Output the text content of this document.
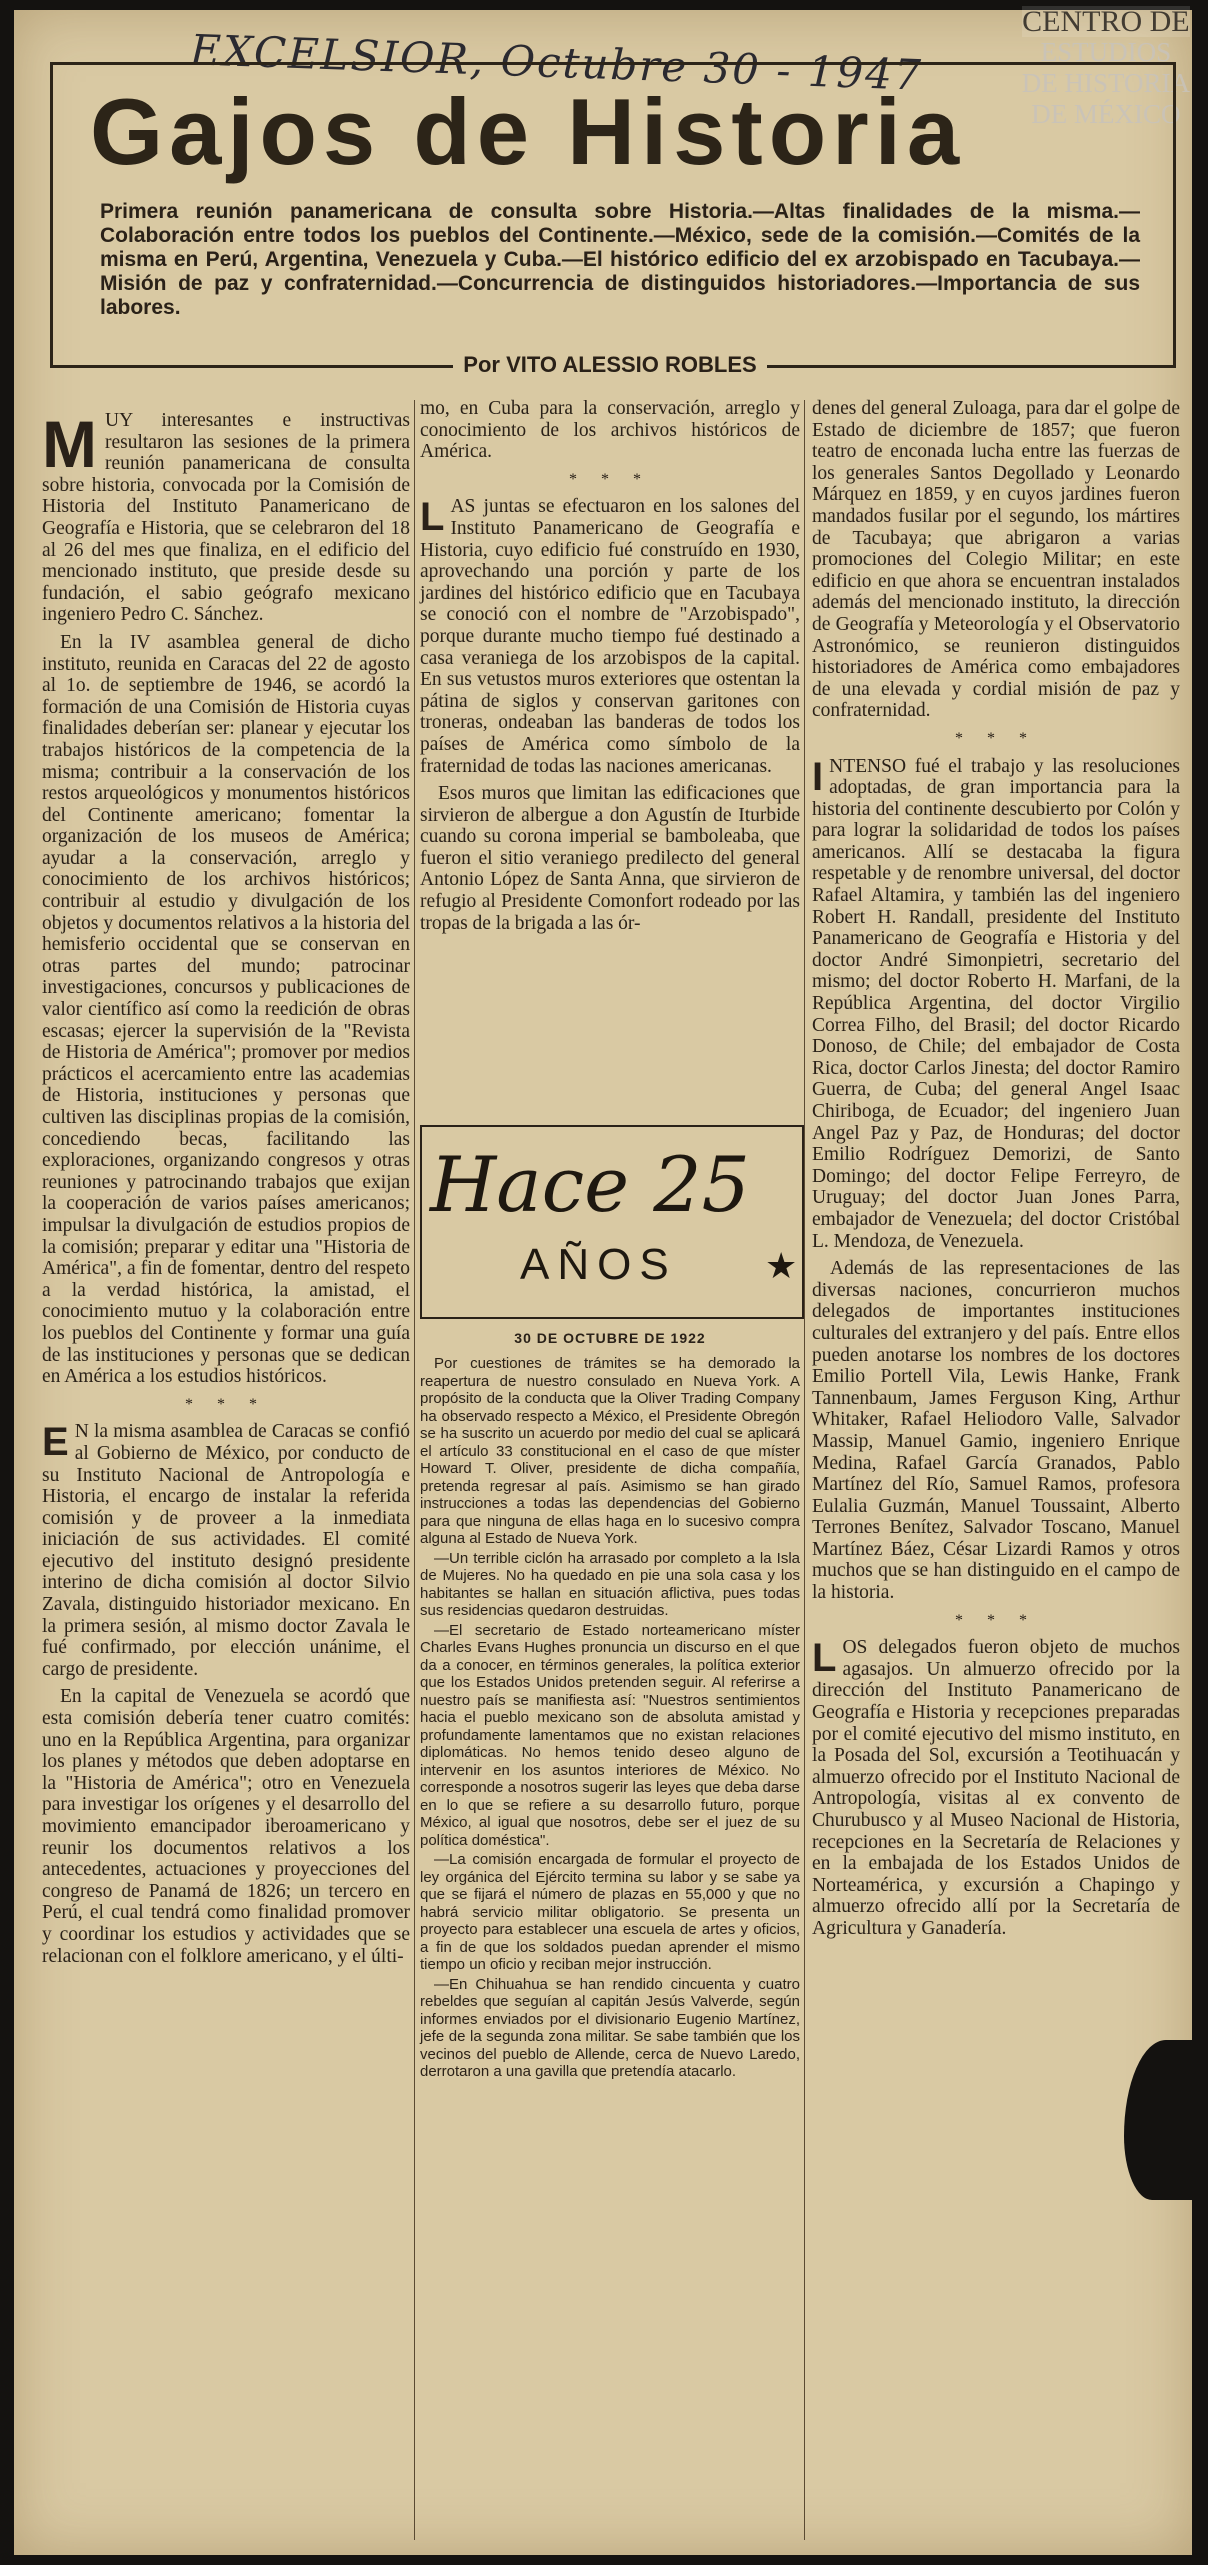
CENTRO DE
ESTUDIOS
DE HISTORIA
DE MÉXICO
EXCELSIOR, Octubre 30 - 1947
Gajos de Historia
Primera reunión panamericana de consulta sobre Historia.—Altas finalidades de la misma.—Colaboración entre todos los pueblos del Continente.—México, sede de la comisión.—Comités de la misma en Perú, Argentina, Venezuela y Cuba.—El histórico edificio del ex arzobispado en Tacubaya.—Misión de paz y confraternidad.—Concurrencia de distinguidos historiadores.—Importancia de sus labores.
Por VITO ALESSIO ROBLES

MUY interesantes e instructivas resultaron las sesiones de la primera reunión panamericana de consulta sobre historia, convocada por la Comisión de Historia del Instituto Panamericano de Geografía e Historia, que se celebraron del 18 al 26 del mes que finaliza, en el edificio del mencionado instituto, que preside desde su fundación, el sabio geógrafo mexicano ingeniero Pedro C. Sánchez.

En la IV asamblea general de dicho instituto, reunida en Caracas del 22 de agosto al 1o. de septiembre de 1946, se acordó la formación de una Comisión de Historia cuyas finalidades deberían ser: planear y ejecutar los trabajos históricos de la competencia de la misma; contribuir a la conservación de los restos arqueológicos y monumentos históricos del Continente americano; fomentar la organización de los museos de América; ayudar a la conservación, arreglo y conocimiento de los archivos históricos; contribuir al estudio y divulgación de los objetos y documentos relativos a la historia del hemisferio occidental que se conservan en otras partes del mundo; patrocinar investigaciones, concursos y publicaciones de valor científico así como la reedición de obras escasas; ejercer la supervisión de la "Revista de Historia de América"; promover por medios prácticos el acercamiento entre las academias de Historia, instituciones y personas que cultiven las disciplinas propias de la comisión, concediendo becas, facilitando las exploraciones, organizando congresos y otras reuniones y patrocinando trabajos que exijan la cooperación de varios países americanos; impulsar la divulgación de estudios propios de la comisión; preparar y editar una "Historia de América", a fin de fomentar, dentro del respeto a la verdad histórica, la amistad, el conocimiento mutuo y la colaboración entre los pueblos del Continente y formar una guía de las instituciones y personas que se dedican en América a los estudios históricos.

* * *

E N la misma asamblea de Caracas se confió al Gobierno de México, por conducto de su Instituto Nacional de Antropología e Historia, el encargo de instalar la referida comisión y de proveer a la inmediata iniciación de sus actividades. El comité ejecutivo del instituto designó presidente interino de dicha comisión al doctor Silvio Zavala, distinguido historiador mexicano. En la primera sesión, al mismo doctor Zavala le fué confirmado, por elección unánime, el cargo de presidente.

En la capital de Venezuela se acordó que esta comisión debería tener cuatro comités: uno en la República Argentina, para organizar los planes y métodos que deben adoptarse en la "Historia de América"; otro en Venezuela para investigar los orígenes y el desarrollo del movimiento emancipador iberoamericano y reunir los documentos relativos a los antecedentes, actuaciones y proyecciones del congreso de Panamá de 1826; un tercero en Perú, el cual tendrá como finalidad promover y coordinar los estudios y actividades que se relacionan con el folklore americano, y el últi-

mo, en Cuba para la conservación, arreglo y conocimiento de los archivos históricos de América.

* * *

LAS juntas se efectuaron en los salones del Instituto Panamericano de Geografía e Historia, cuyo edificio fué construído en 1930, aprovechando una porción y parte de los jardines del histórico edificio que en Tacubaya se conoció con el nombre de "Arzobispado", porque durante mucho tiempo fué destinado a casa veraniega de los arzobispos de la capital. En sus vetustos muros exteriores que ostentan la pátina de siglos y conservan garitones con troneras, ondeaban las banderas de todos los países de América como símbolo de la fraternidad de todas las naciones americanas.

Esos muros que limitan las edificaciones que sirvieron de albergue a don Agustín de Iturbide cuando su corona imperial se bamboleaba, que fueron el sitio veraniego predilecto del general Antonio López de Santa Anna, que sirvieron de refugio al Presidente Comonfort rodeado por las tropas de la brigada a las ór-

Hace 25
AÑOS ★
30 DE OCTUBRE DE 1922

Por cuestiones de trámites se ha demorado la reapertura de nuestro consulado en Nueva York. A propósito de la conducta que la Oliver Trading Company ha observado respecto a México, el Presidente Obregón se ha suscrito un acuerdo por medio del cual se aplicará el artículo 33 constitucional en el caso de que míster Howard T. Oliver, presidente de dicha compañía, pretenda regresar al país. Asimismo se han girado instrucciones a todas las dependencias del Gobierno para que ninguna de ellas haga en lo sucesivo compra alguna al Estado de Nueva York.

—Un terrible ciclón ha arrasado por completo a la Isla de Mujeres. No ha quedado en pie una sola casa y los habitantes se hallan en situación aflictiva, pues todas sus residencias quedaron destruidas.

—El secretario de Estado norteamericano míster Charles Evans Hughes pronuncia un discurso en el que da a conocer, en términos generales, la política exterior que los Estados Unidos pretenden seguir. Al referirse a nuestro país se manifiesta así: "Nuestros sentimientos hacia el pueblo mexicano son de absoluta amistad y profundamente lamentamos que no existan relaciones diplomáticas. No hemos tenido deseo alguno de intervenir en los asuntos interiores de México. No corresponde a nosotros sugerir las leyes que deba darse en lo que se refiere a su desarrollo futuro, porque México, al igual que nosotros, debe ser el juez de su política doméstica".

—La comisión encargada de formular el proyecto de ley orgánica del Ejército termina su labor y se sabe ya que se fijará el número de plazas en 55,000 y que no habrá servicio militar obligatorio. Se presenta un proyecto para establecer una escuela de artes y oficios, a fin de que los soldados puedan aprender el mismo tiempo un oficio y reciban mejor instrucción.

—En Chihuahua se han rendido cincuenta y cuatro rebeldes que seguían al capitán Jesús Valverde, según informes enviados por el divisionario Eugenio Martínez, jefe de la segunda zona militar. Se sabe también que los vecinos del pueblo de Allende, cerca de Nuevo Laredo, derrotaron a una gavilla que pretendía atacarlo.

denes del general Zuloaga, para dar el golpe de Estado de diciembre de 1857; que fueron teatro de enconada lucha entre las fuerzas de los generales Santos Degollado y Leonardo Márquez en 1859, y en cuyos jardines fueron mandados fusilar por el segundo, los mártires de Tacubaya; que abrigaron a varias promociones del Colegio Militar; en este edificio en que ahora se encuentran instalados además del mencionado instituto, la dirección de Geografía y Meteorología y el Observatorio Astronómico, se reunieron distinguidos historiadores de América como embajadores de una elevada y cordial misión de paz y confraternidad.

* * *

INTENSO fué el trabajo y las resoluciones adoptadas, de gran importancia para la historia del continente descubierto por Colón y para lograr la solidaridad de todos los países americanos. Allí se destacaba la figura respetable y de renombre universal, del doctor Rafael Altamira, y también las del ingeniero Robert H. Randall, presidente del Instituto Panamericano de Geografía e Historia y del doctor André Simonpietri, secretario del mismo; del doctor Roberto H. Marfani, de la República Argentina, del doctor Virgilio Correa Filho, del Brasil; del doctor Ricardo Donoso, de Chile; del embajador de Costa Rica, doctor Carlos Jinesta; del doctor Ramiro Guerra, de Cuba; del general Angel Isaac Chiriboga, de Ecuador; del ingeniero Juan Angel Paz y Paz, de Honduras; del doctor Emilio Rodríguez Demorizi, de Santo Domingo; del doctor Felipe Ferreyro, de Uruguay; del doctor Juan Jones Parra, embajador de Venezuela; del doctor Cristóbal L. Mendoza, de Venezuela.

Además de las representaciones de las diversas naciones, concurrieron muchos delegados de importantes instituciones culturales del extranjero y del país. Entre ellos pueden anotarse los nombres de los doctores Emilio Portell Vila, Lewis Hanke, Frank Tannenbaum, James Ferguson King, Arthur Whitaker, Rafael Heliodoro Valle, Salvador Massip, Manuel Gamio, ingeniero Enrique Medina, Rafael García Granados, Pablo Martínez del Río, Samuel Ramos, profesora Eulalia Guzmán, Manuel Toussaint, Alberto Terrones Benítez, Salvador Toscano, Manuel Martínez Báez, César Lizardi Ramos y otros muchos que se han distinguido en el campo de la historia.

* * *

LOS delegados fueron objeto de muchos agasajos. Un almuerzo ofrecido por la dirección del Instituto Panamericano de Geografía e Historia y recepciones preparadas por el comité ejecutivo del mismo instituto, en la Posada del Sol, excursión a Teotihuacán y almuerzo ofrecido por el Instituto Nacional de Antropología, visitas al ex convento de Churubusco y al Museo Nacional de Historia, recepciones en la Secretaría de Relaciones y en la embajada de los Estados Unidos de Norteamérica, y excursión a Chapingo y almuerzo ofrecido allí por la Secretaría de Agricultura y Ganadería.
